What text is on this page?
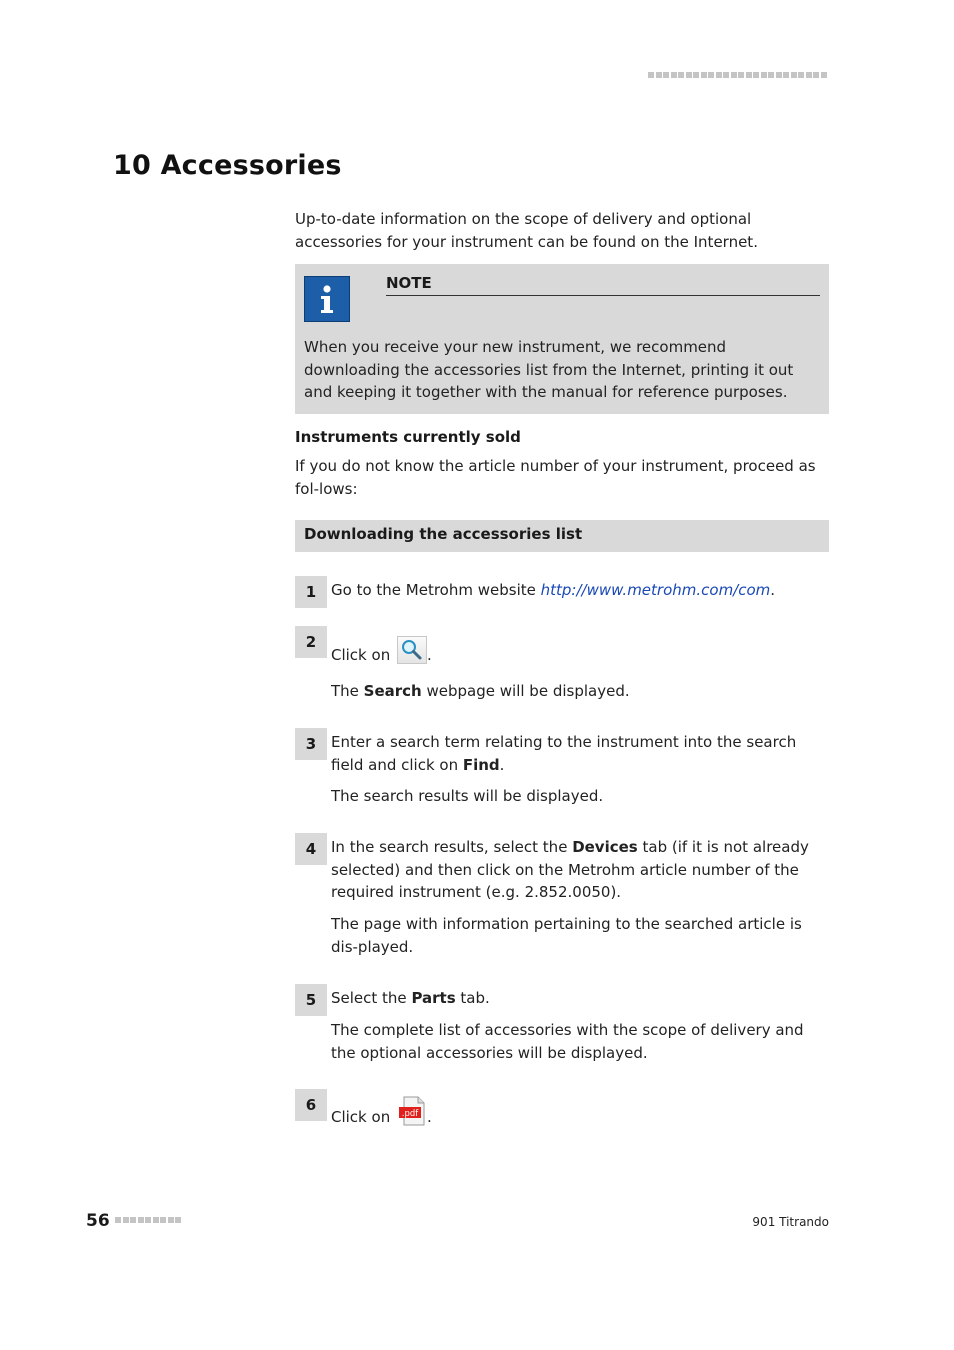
10 Accessories

Up-to-date information on the scope of delivery and optional accessories for your instrument can be found on the Internet.

NOTE

When you receive your new instrument, we recommend downloading the accessories list from the Internet, printing it out and keeping it together with the manual for reference purposes.

Instruments currently sold

If you do not know the article number of your instrument, proceed as fol-lows:

Downloading the accessories list
1 Go to the Metrohm website http://www.metrohm.com/com.

2

Click on .

The Search webpage will be displayed.

3 Enter a search term relating to the instrument into the search field and click on Find.

The search results will be displayed.

4 In the search results, select the Devices tab (if it is not already selected) and then click on the Metrohm article number of the required instrument (e.g. 2.852.0050).

The page with information pertaining to the searched article is dis-played.

5 Select the Parts tab.

The complete list of accessories with the scope of delivery and the optional accessories will be displayed.

6

Click on .pdf .

56	901 Titrando
